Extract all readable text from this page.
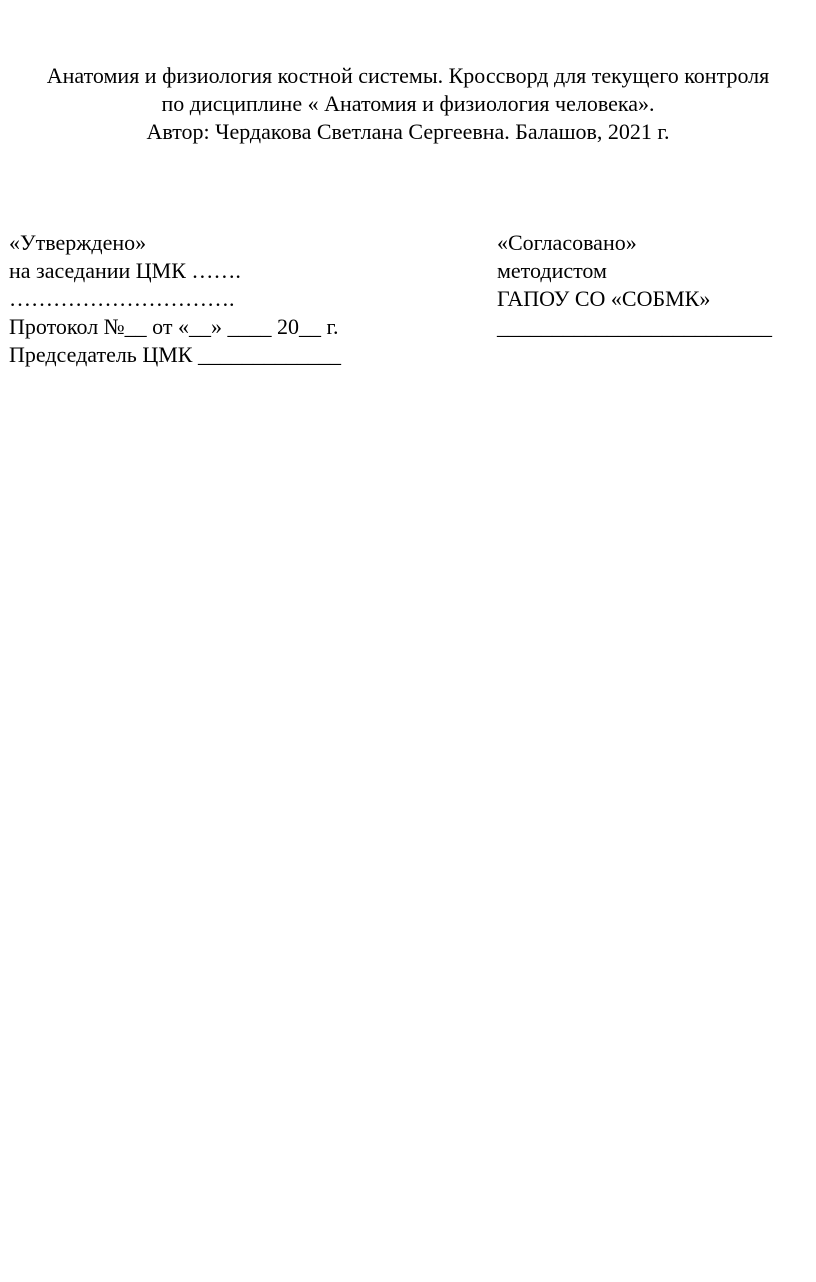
Анатомия и физиология костной системы. Кроссворд для текущего контроля
по дисциплине « Анатомия и физиология человека».
Автор: Чердакова Светлана Сергеевна. Балашов, 2021 г.
«Утверждено»
на заседании ЦМК …….
………………………….
Протокол №__ от «__» ____ 20__ г.
Председатель ЦМК _____________
«Согласовано»
методистом
ГАПОУ СО «СОБМК»
_________________________
